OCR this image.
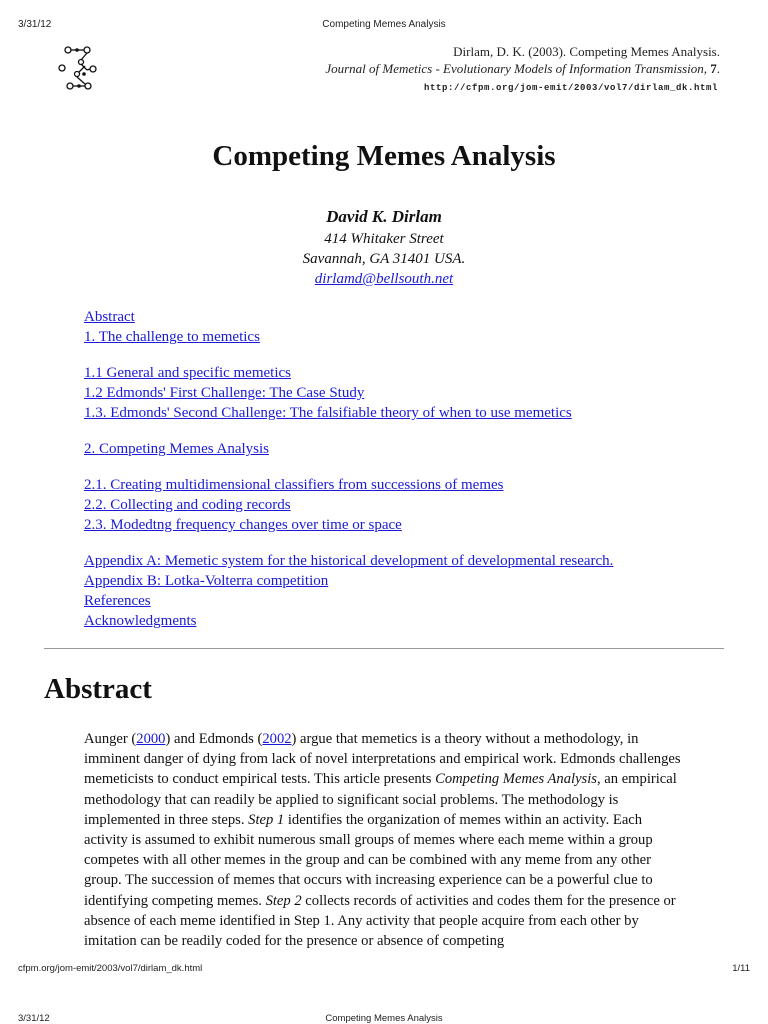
3/31/12	Competing Memes Analysis
Dirlam, D. K. (2003). Competing Memes Analysis.
Journal of Memetics - Evolutionary Models of Information Transmission, 7.
http://cfpm.org/jom-emit/2003/vol7/dirlam_dk.html
Competing Memes Analysis
David K. Dirlam
414 Whitaker Street
Savannah, GA 31401 USA.
dirlamd@bellsouth.net
Abstract
1. The challenge to memetics
1.1 General and specific memetics
1.2 Edmonds' First Challenge: The Case Study
1.3. Edmonds' Second Challenge: The falsifiable theory of when to use memetics
2. Competing Memes Analysis
2.1. Creating multidimensional classifiers from successions of memes
2.2. Collecting and coding records
2.3. Modedtng frequency changes over time or space
Appendix A: Memetic system for the historical development of developmental research.
Appendix B: Lotka-Volterra competition
References
Acknowledgments
Abstract
Aunger (2000) and Edmonds (2002) argue that memetics is a theory without a methodology, in imminent danger of dying from lack of novel interpretations and empirical work. Edmonds challenges memeticists to conduct empirical tests. This article presents Competing Memes Analysis, an empirical methodology that can readily be applied to significant social problems. The methodology is implemented in three steps. Step 1 identifies the organization of memes within an activity. Each activity is assumed to exhibit numerous small groups of memes where each meme within a group competes with all other memes in the group and can be combined with any meme from any other group. The succession of memes that occurs with increasing experience can be a powerful clue to identifying competing memes. Step 2 collects records of activities and codes them for the presence or absence of each meme identified in Step 1. Any activity that people acquire from each other by imitation can be readily coded for the presence or absence of competing
cfpm.org/jom-emit/2003/vol7/dirlam_dk.html	1/11
3/31/12	Competing Memes Analysis
